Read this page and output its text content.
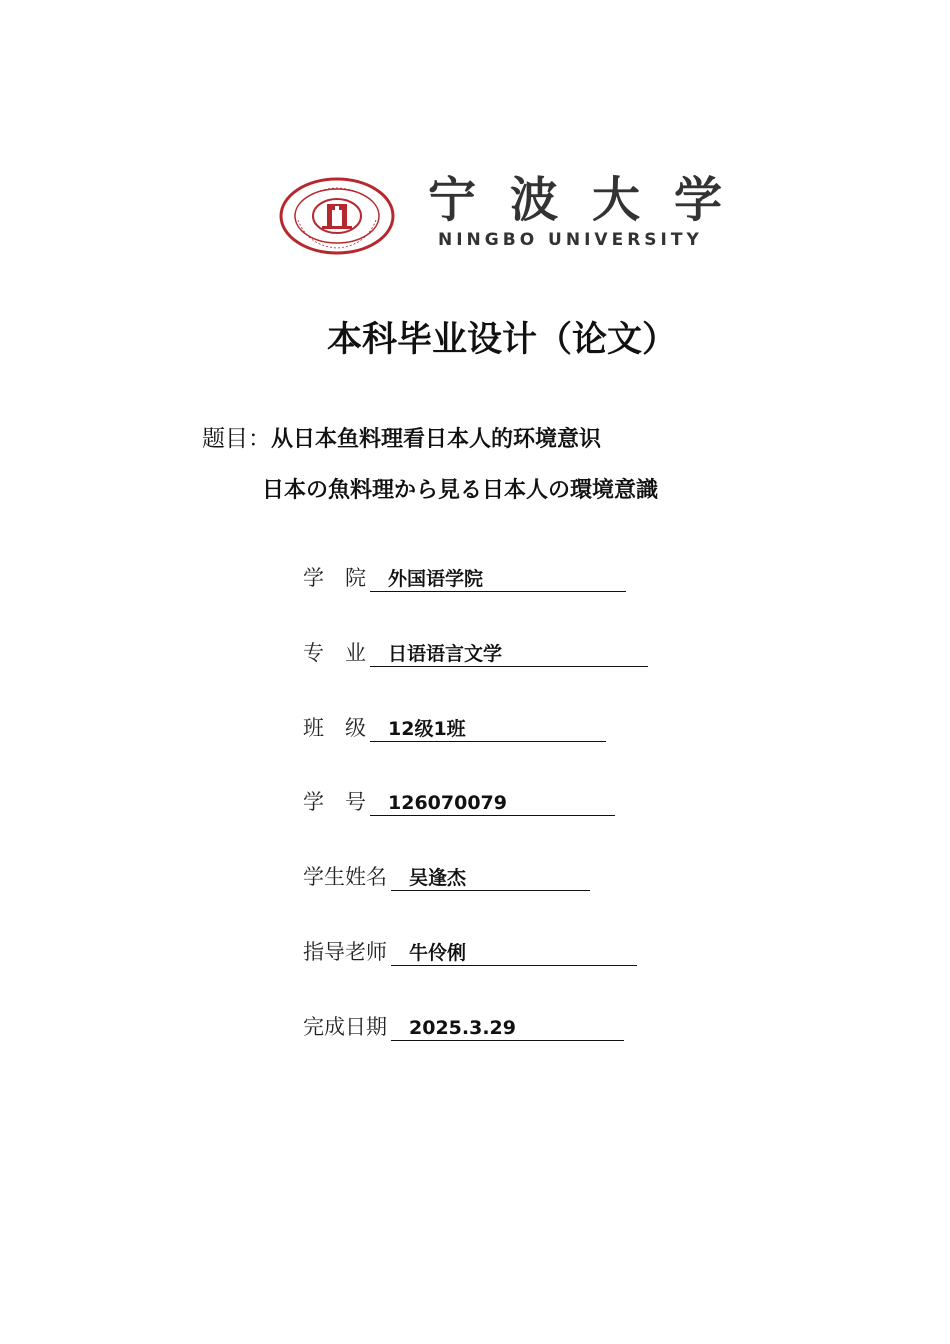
宁波大学
NINGBO UNIVERSITY
本科毕业设计（论文）
题目：从日本鱼料理看日本人的环境意识
日本の魚料理から見る日本人の環境意識
学　院	外国语学院
专　业	日语语言文学
班　级	12级1班
学　号	126070079
学生姓名	吴逢杰
指导老师	牛伶俐
完成日期	2025.3.29
